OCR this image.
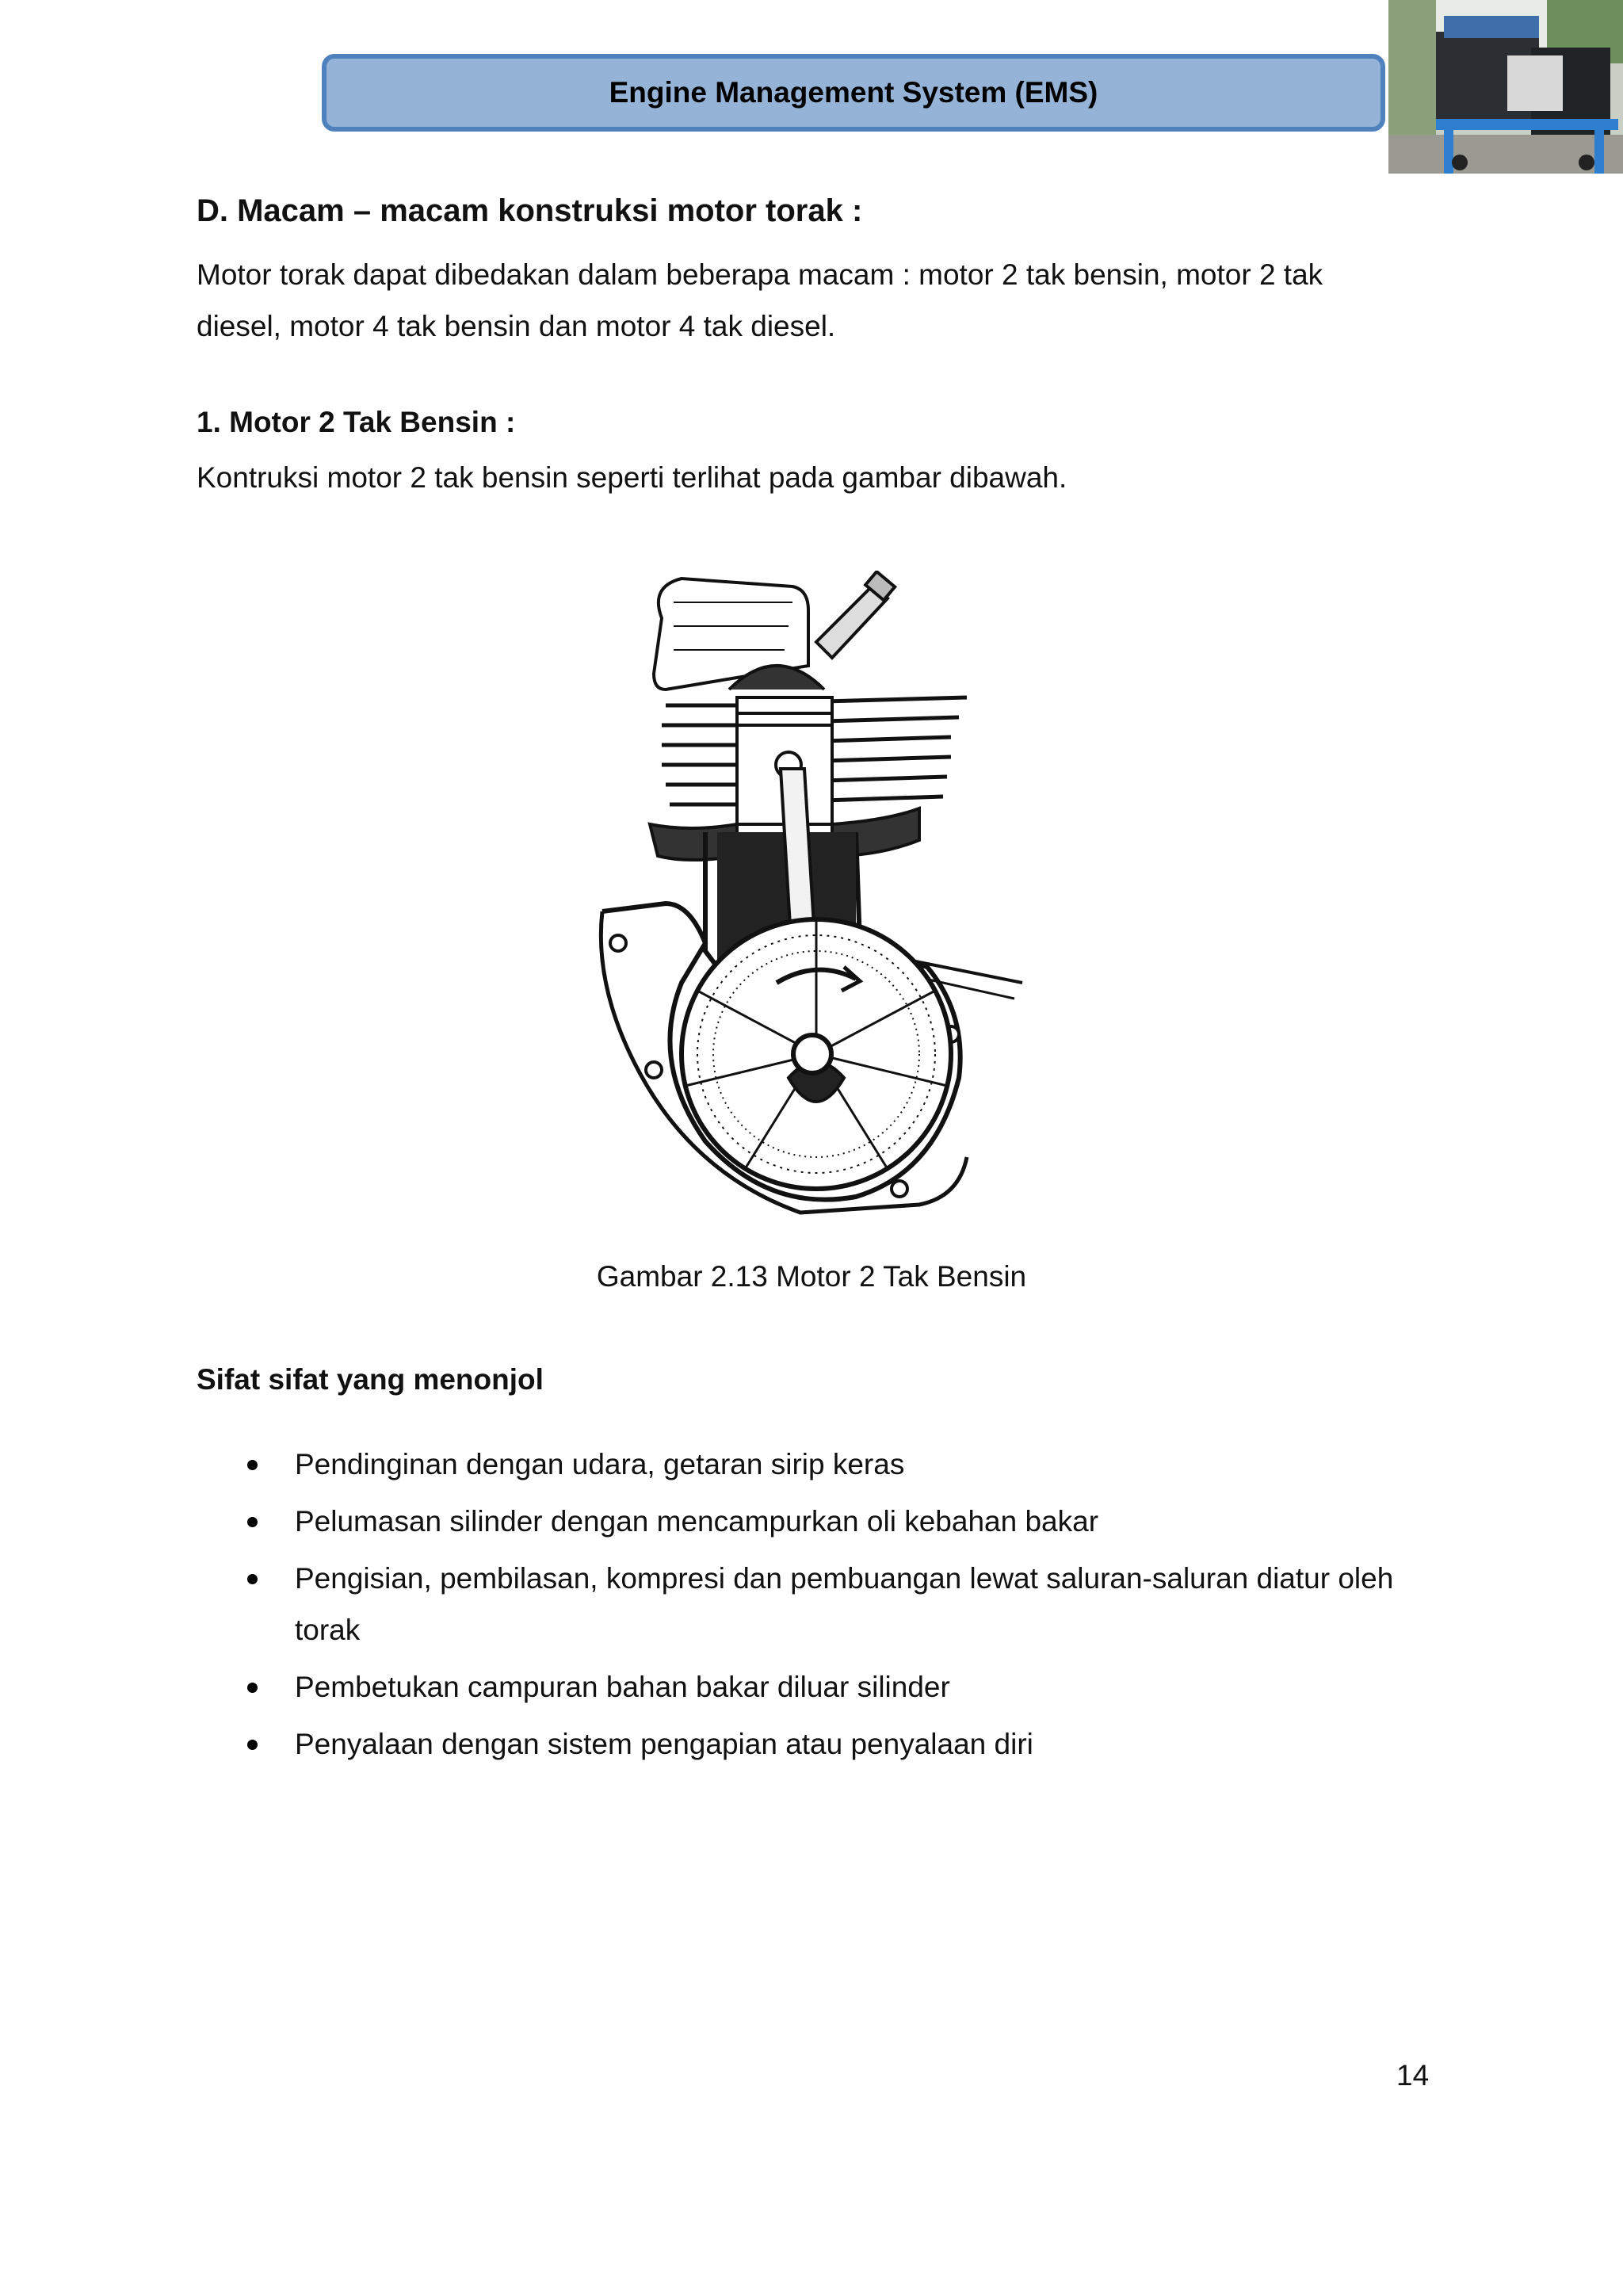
Engine Management System (EMS)
D. Macam – macam konstruksi motor torak :
Motor torak dapat dibedakan dalam beberapa macam : motor 2 tak bensin, motor 2 tak
diesel, motor 4 tak bensin dan motor 4 tak diesel.
1. Motor 2 Tak Bensin :
Kontruksi motor 2 tak bensin seperti terlihat pada gambar dibawah.
Gambar 2.13 Motor 2 Tak Bensin
Sifat sifat yang menonjol
Pendinginan dengan udara, getaran sirip keras
Pelumasan silinder dengan mencampurkan oli kebahan bakar
Pengisian, pembilasan, kompresi dan pembuangan lewat saluran-saluran diatur oleh torak
Pembetukan campuran bahan bakar diluar silinder
Penyalaan dengan sistem pengapian atau penyalaan diri
14
